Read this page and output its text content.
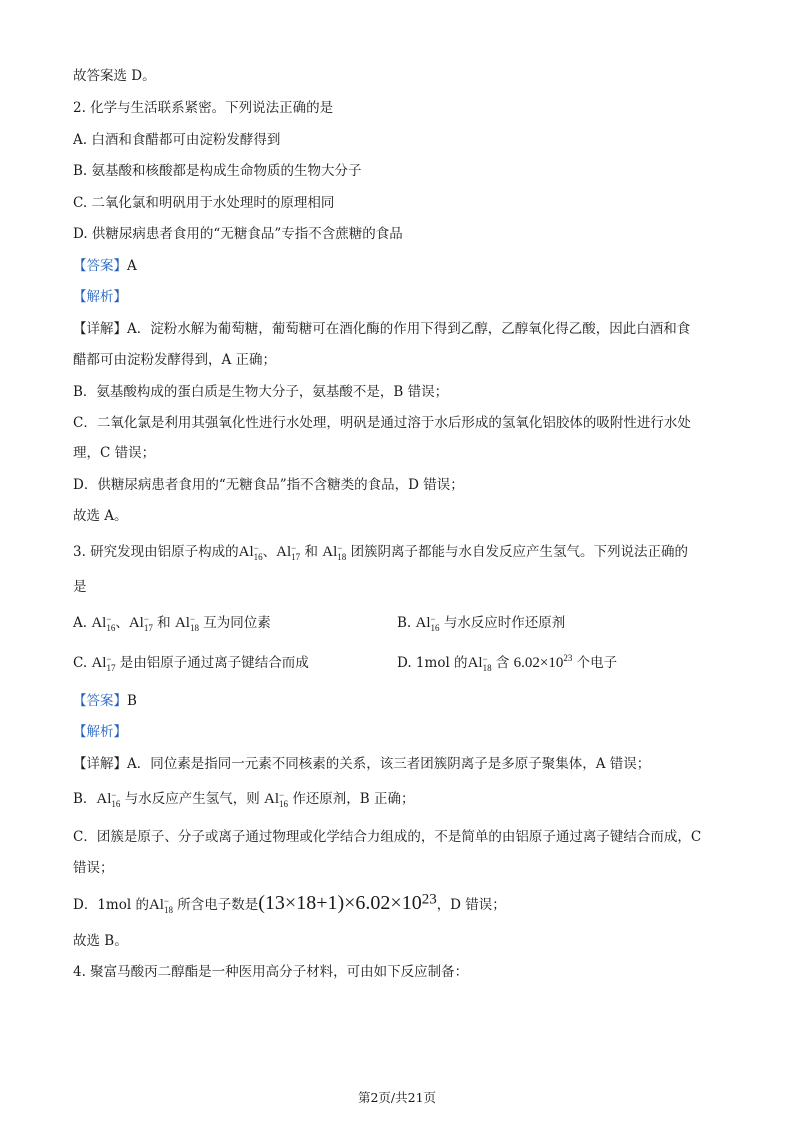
故答案选 D。
2. 化学与生活联系紧密。下列说法正确的是
A. 白酒和食醋都可由淀粉发酵得到
B. 氨基酸和核酸都是构成生命物质的生物大分子
C. 二氧化氯和明矾用于水处理时的原理相同
D. 供糖尿病患者食用的“无糖食品”专指不含蔗糖的食品
【答案】A
【解析】
【详解】A．淀粉水解为葡萄糖，葡萄糖可在酒化酶的作用下得到乙醇，乙醇氧化得乙酸，因此白酒和食
醋都可由淀粉发酵得到，A 正确；
B．氨基酸构成的蛋白质是生物大分子，氨基酸不是，B 错误；
C．二氧化氯是利用其强氧化性进行水处理，明矾是通过溶于水后形成的氢氧化铝胶体的吸附性进行水处
理，C 错误；
D．供糖尿病患者食用的“无糖食品”指不含糖类的食品，D 错误；
故选 A。
3. 研究发现由铝原子构成的Al −
16 、Al −
17 和 Al −
18 团簇阴离子都能与水自发反应产生氢气。下列说法正确的
是
A. Al −
16 、Al −
17 和 Al −
18 互为同位素	B. Al −
16 与水反应时作还原剂
C. Al −
17 是由铝原子通过离子键结合而成	D. 1mol 的Al −
18 含 $6.02\times 10^{23}$ 个电子
【答案】B
【解析】
【详解】A．同位素是指同一元素不同核素的关系，该三者团簇阴离子是多原子聚集体，A 错误；
B．Al −
16 与水反应产生氢气，则 Al −
16 作还原剂，B 正确；
C．团簇是原子、分子或离子通过物理或化学结合力组成的，不是简单的由铝原子通过离子键结合而成，C
错误；
D．1mol 的Al −
18 所含电子数是$(13\times 18+1)\times 6.02\times 10^{23}$，D 错误；
故选 B。
4. 聚富马酸丙二醇酯是一种医用高分子材料，可由如下反应制备：
第2页/共21页
